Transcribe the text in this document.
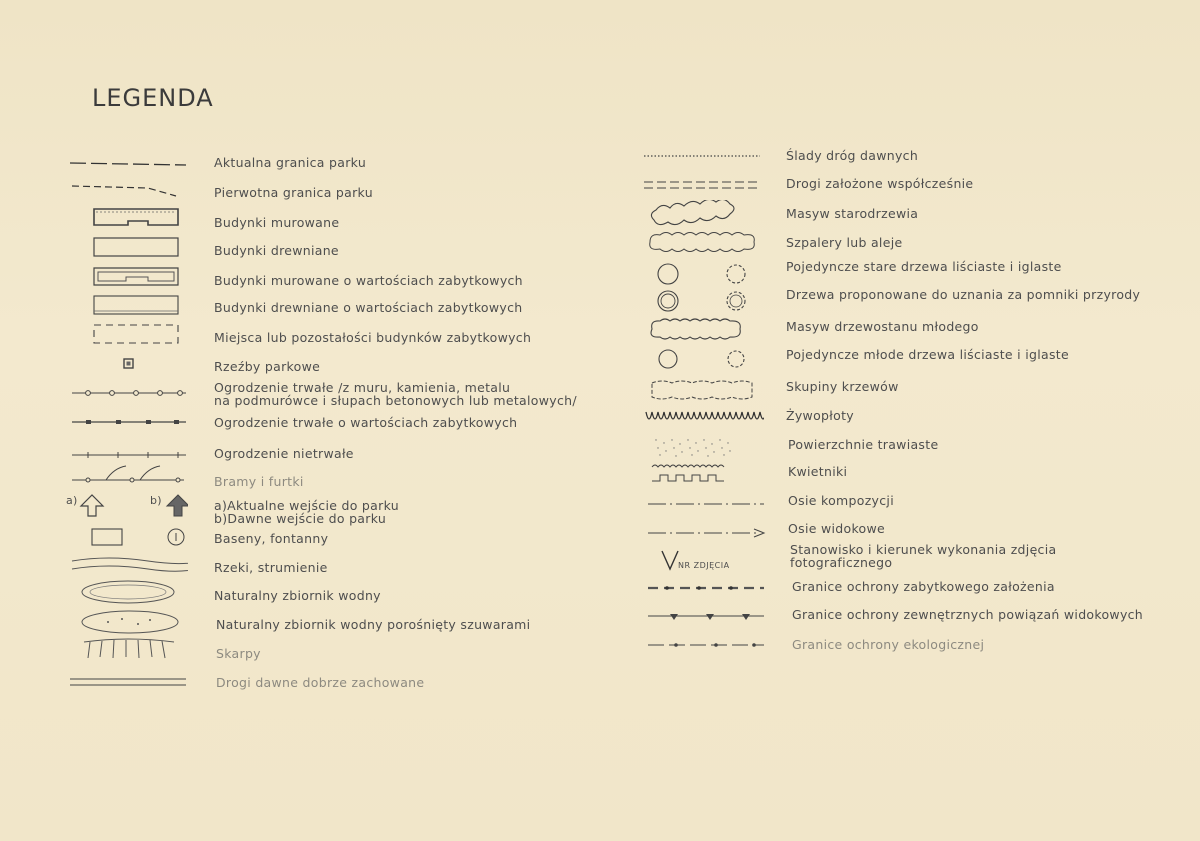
LEGENDA
Aktualna granica parku
Pierwotna granica parku
Budynki murowane
Budynki drewniane
Budynki murowane o wartościach zabytkowych
Budynki drewniane o wartościach zabytkowych
Miejsca lub pozostałości budynków zabytkowych
Rzeźby parkowe
Ogrodzenie trwałe /z muru, kamienia, metalu
na podmurówce i słupach betonowych lub metalowych/
Ogrodzenie trwałe o wartościach zabytkowych
Ogrodzenie nietrwałe
Bramy i furtki
a)	b)	a)Aktualne wejście do parku
b)Dawne wejście do parku
Baseny, fontanny
Rzeki, strumienie
Naturalny zbiornik wodny
Naturalny zbiornik wodny porośnięty szuwarami
Skarpy
Drogi dawne dobrze zachowane
Ślady dróg dawnych
Drogi założone współcześnie
Masyw starodrzewia
Szpalery lub aleje
Pojedyncze stare drzewa liściaste i iglaste
Drzewa proponowane do uznania za pomniki przyrody
Masyw drzewostanu młodego
Pojedyncze młode drzewa liściaste i iglaste
Skupiny krzewów
Żywopłoty
Powierzchnie trawiaste
Kwietniki
Osie kompozycji
Osie widokowe
NR ZDJĘCIA
Stanowisko i kierunek wykonania zdjęcia
fotograficznego
Granice ochrony zabytkowego założenia
Granice ochrony zewnętrznych powiązań widokowych
Granice ochrony ekologicznej
